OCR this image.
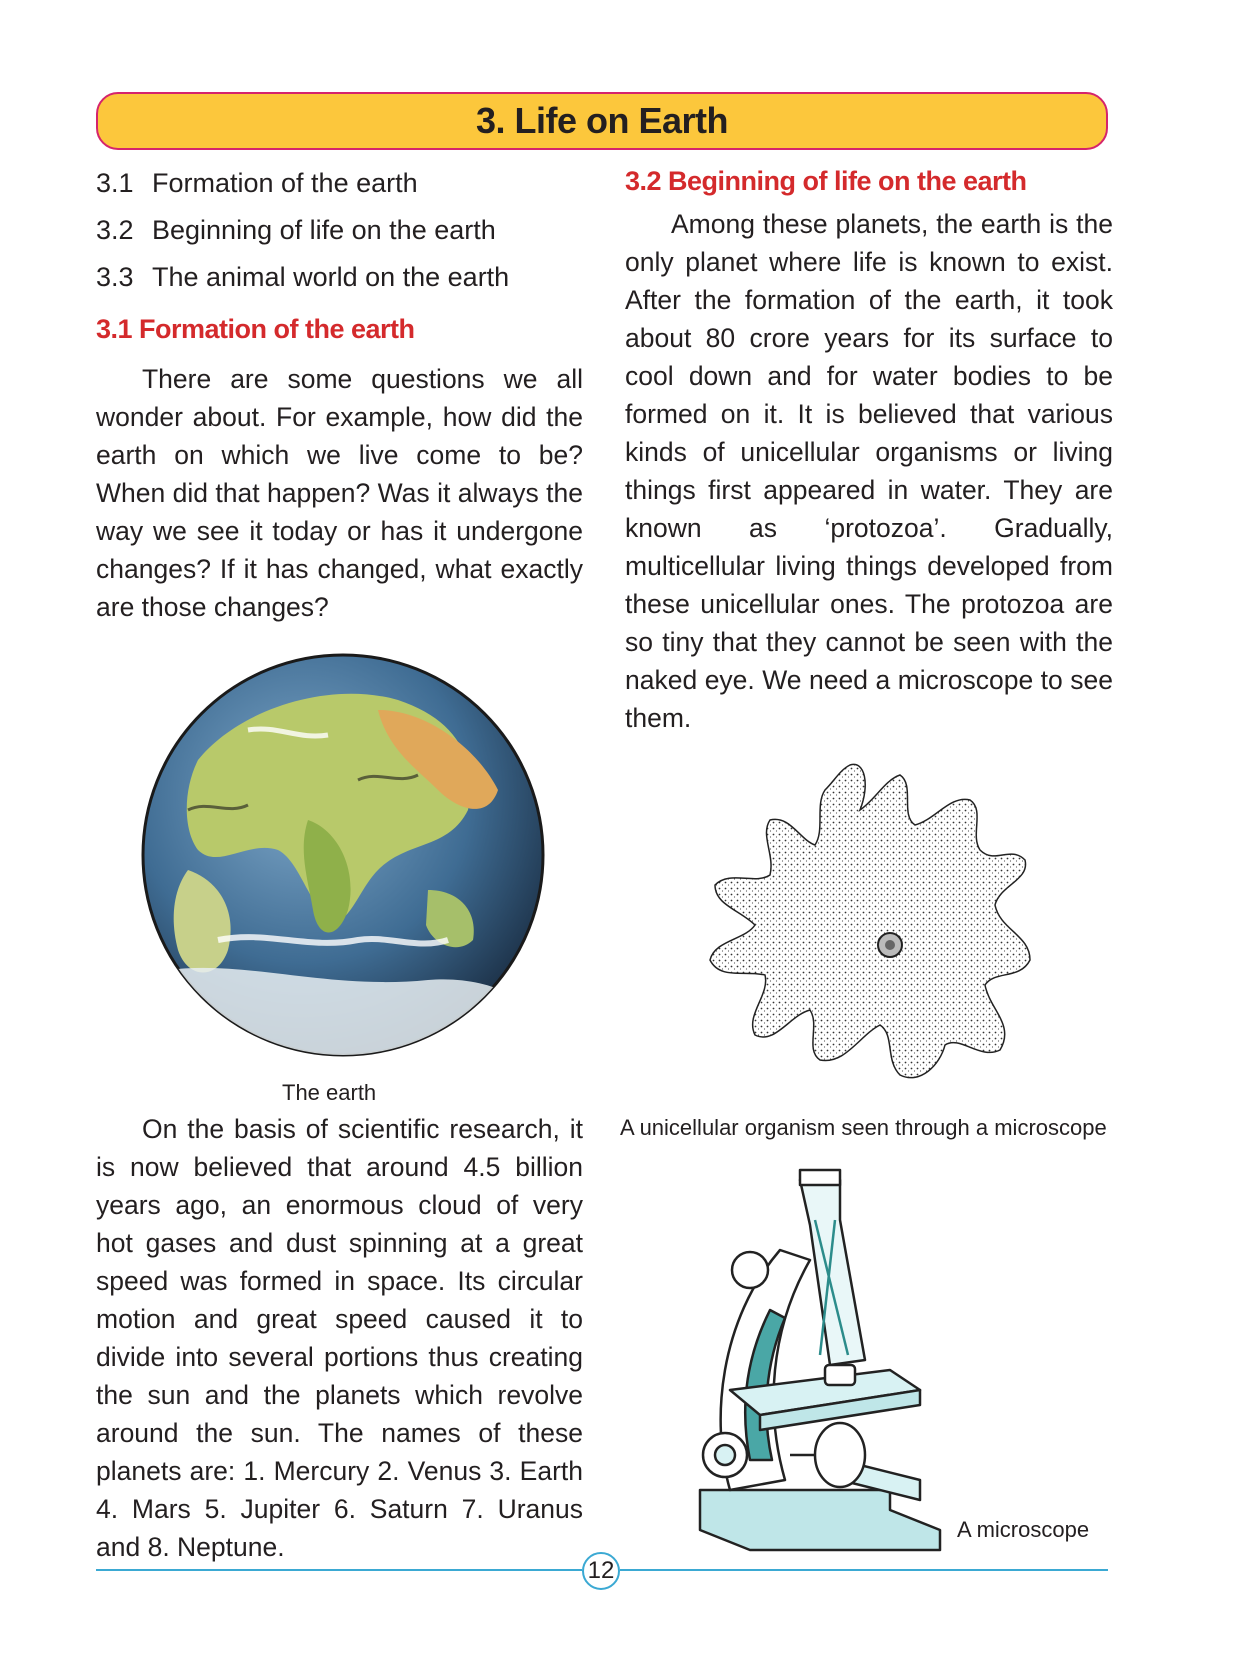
3. Life on Earth
3.1 Formation of the earth
3.2 Beginning of life on the earth
3.3 The animal world on the earth
3.1 Formation of the earth

There are some questions we all wonder about. For example, how did the earth on which we live come to be? When did that happen? Was it always the way we see it today or has it undergone changes? If it has changed, what exactly are those changes?

The earth

On the basis of scientific research, it is now believed that around 4.5 billion years ago, an enormous cloud of very hot gases and dust spinning at a great speed was formed in space. Its circular motion and great speed caused it to divide into several portions thus creating the sun and the planets which revolve around the sun. The names of these planets are: 1. Mercury 2. Venus 3. Earth 4. Mars 5. Jupiter 6. Saturn 7. Uranus and 8. Neptune.

3.2 Beginning of life on the earth

Among these planets, the earth is the only planet where life is known to exist. After the formation of the earth, it took about 80 crore years for its surface to cool down and for water bodies to be formed on it. It is believed that various kinds of unicellular organisms or living things first appeared in water. They are known as ‘protozoa’. Gradually, multicellular living things developed from these unicellular ones. The protozoa are so tiny that they cannot be seen with the naked eye. We need a microscope to see them.

A unicellular organism seen through a microscope
A microscope
12
